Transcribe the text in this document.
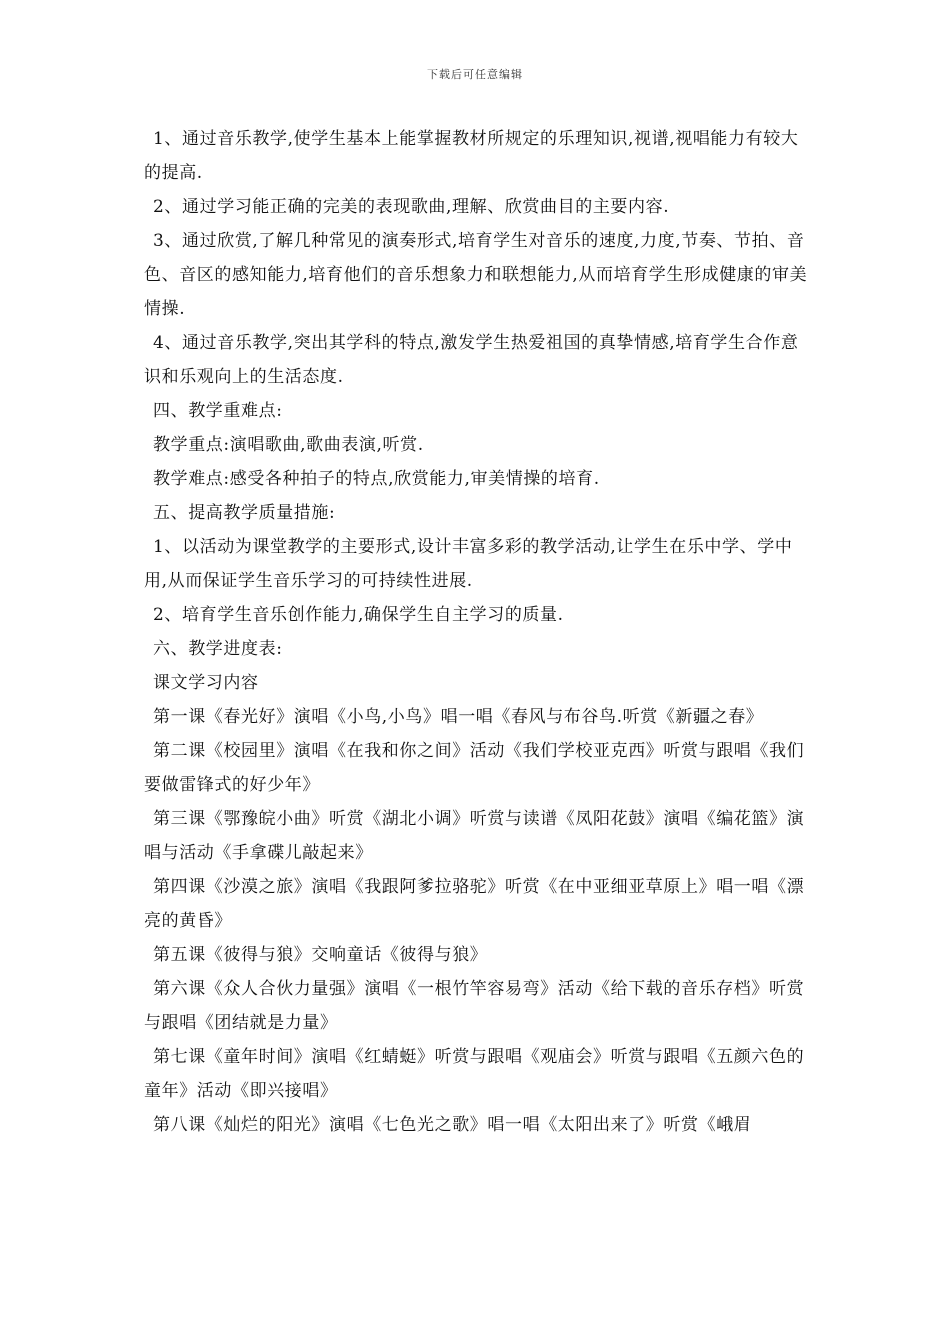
下载后可任意编辑

1、通过音乐教学,使学生基本上能掌握教材所规定的乐理知识,视谱,视唱能力有较大的提高.

2、通过学习能正确的完美的表现歌曲,理解、欣赏曲目的主要内容.

3、通过欣赏,了解几种常见的演奏形式,培育学生对音乐的速度,力度,节奏、节拍、音色、音区的感知能力,培育他们的音乐想象力和联想能力,从而培育学生形成健康的审美情操.

4、通过音乐教学,突出其学科的特点,激发学生热爱祖国的真挚情感,培育学生合作意识和乐观向上的生活态度.

四、教学重难点:

教学重点:演唱歌曲,歌曲表演,听赏.

教学难点:感受各种拍子的特点,欣赏能力,审美情操的培育.

五、提高教学质量措施:

1、以活动为课堂教学的主要形式,设计丰富多彩的教学活动,让学生在乐中学、学中用,从而保证学生音乐学习的可持续性进展.

2、培育学生音乐创作能力,确保学生自主学习的质量.

六、教学进度表:

课文学习内容

第一课《春光好》演唱《小鸟,小鸟》唱一唱《春风与布谷鸟.听赏《新疆之春》

第二课《校园里》演唱《在我和你之间》活动《我们学校亚克西》听赏与跟唱《我们要做雷锋式的好少年》

第三课《鄂豫皖小曲》听赏《湖北小调》听赏与读谱《凤阳花鼓》演唱《编花篮》演唱与活动《手拿碟儿敲起来》

第四课《沙漠之旅》演唱《我跟阿爹拉骆驼》听赏《在中亚细亚草原上》唱一唱《漂亮的黄昏》

第五课《彼得与狼》交响童话《彼得与狼》

第六课《众人合伙力量强》演唱《一根竹竿容易弯》活动《给下载的音乐存档》听赏与跟唱《团结就是力量》

第七课《童年时间》演唱《红蜻蜓》听赏与跟唱《观庙会》听赏与跟唱《五颜六色的童年》活动《即兴接唱》

第八课《灿烂的阳光》演唱《七色光之歌》唱一唱《太阳出来了》听赏《峨眉
